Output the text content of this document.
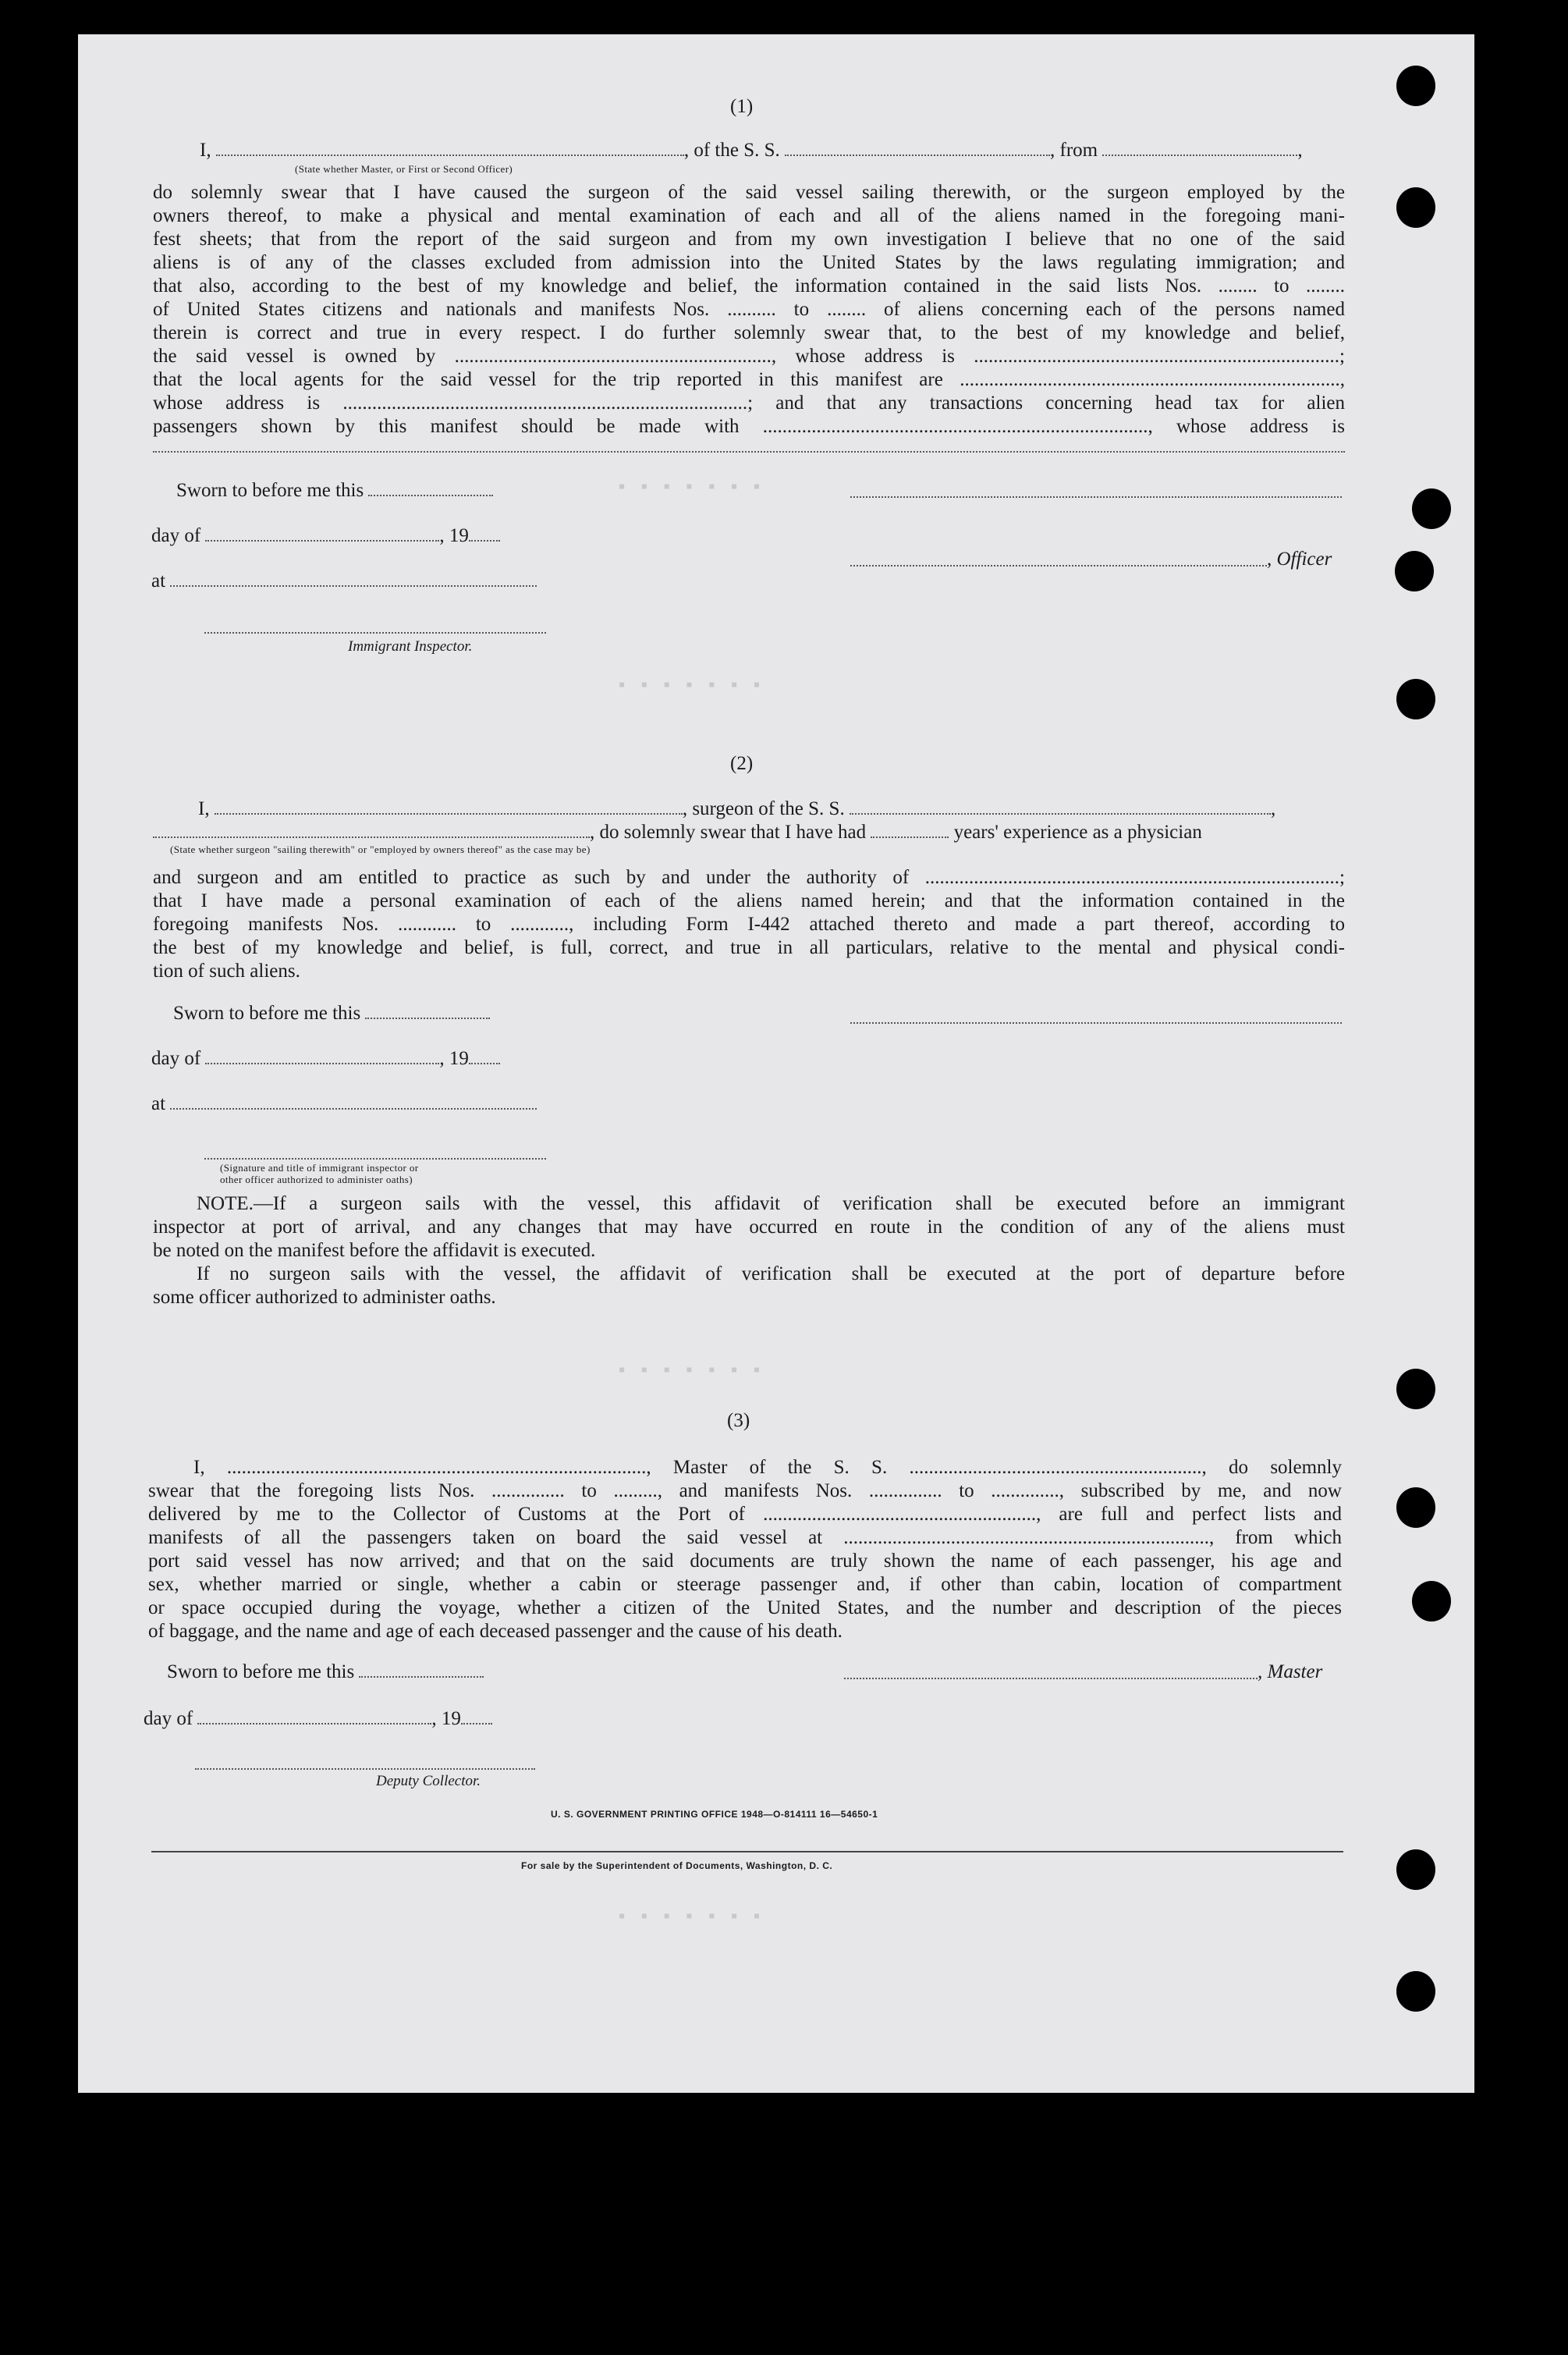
▪ ▪ ▪ ▪ ▪ ▪ ▪
▪ ▪ ▪ ▪ ▪ ▪ ▪
▪ ▪ ▪ ▪ ▪ ▪ ▪
▪ ▪ ▪ ▪ ▪ ▪ ▪
(1)
I,	, of the S. S.	, from	,
(State whether Master, or First or Second Officer)
do solemnly swear that I have caused the surgeon of the said vessel sailing therewith, or the surgeon employed by the
owners thereof, to make a physical and mental examination of each and all of the aliens named in the foregoing mani-
fest sheets; that from the report of the said surgeon and from my own investigation I believe that no one of the said
aliens is of any of the classes excluded from admission into the United States by the laws regulating immigration; and
that also, according to the best of my knowledge and belief, the information contained in the said lists Nos. ........ to ........
of United States citizens and nationals and manifests Nos. .......... to ........ of aliens concerning each of the persons named
therein is correct and true in every respect. I do further solemnly swear that, to the best of my knowledge and belief,
the said vessel is owned by ................................................................., whose address is ...........................................................................;
that the local agents for the said vessel for the trip reported in this manifest are ..............................................................................,
whose address is ...................................................................................; and that any transactions concerning head tax for alien
passengers shown by this manifest should be made with ..............................................................................., whose address is
Sworn to before me this
day of	, 19
at
Immigrant Inspector.
, Officer
(2)
I,	, surgeon of the S. S.	,
, do solemnly swear that I have had	years' experience as a physician
(State whether surgeon "sailing therewith" or "employed by owners thereof" as the case may be)
and surgeon and am entitled to practice as such by and under the authority of .....................................................................................;
that I have made a personal examination of each of the aliens named herein; and that the information contained in the
foregoing manifests Nos. ............ to ............, including Form I-442 attached thereto and made a part thereof, according to
the best of my knowledge and belief, is full, correct, and true in all particulars, relative to the mental and physical condi-
tion of such aliens.
Sworn to before me this
day of	, 19
at
(Signature and title of immigrant inspector or
other officer authorized to administer oaths)
NOTE.—If a surgeon sails with the vessel, this affidavit of verification shall be executed before an immigrant
inspector at port of arrival, and any changes that may have occurred en route in the condition of any of the aliens must
be noted on the manifest before the affidavit is executed.
If no surgeon sails with the vessel, the affidavit of verification shall be executed at the port of departure before
some officer authorized to administer oaths.
(3)
I, ......................................................................................, Master of the S. S. ............................................................, do solemnly
swear that the foregoing lists Nos. ............... to ........., and manifests Nos. ............... to .............., subscribed by me, and now
delivered by me to the Collector of Customs at the Port of ........................................................, are full and perfect lists and
manifests of all the passengers taken on board the said vessel at ..........................................................................., from which
port said vessel has now arrived; and that on the said documents are truly shown the name of each passenger, his age and
sex, whether married or single, whether a cabin or steerage passenger and, if other than cabin, location of compartment
or space occupied during the voyage, whether a citizen of the United States, and the number and description of the pieces
of baggage, and the name and age of each deceased passenger and the cause of his death.
Sworn to before me this
day of	, 19
Deputy Collector.
, Master
U. S. GOVERNMENT PRINTING OFFICE 1948—O-814111 16—54650-1
For sale by the Superintendent of Documents, Washington, D. C.
